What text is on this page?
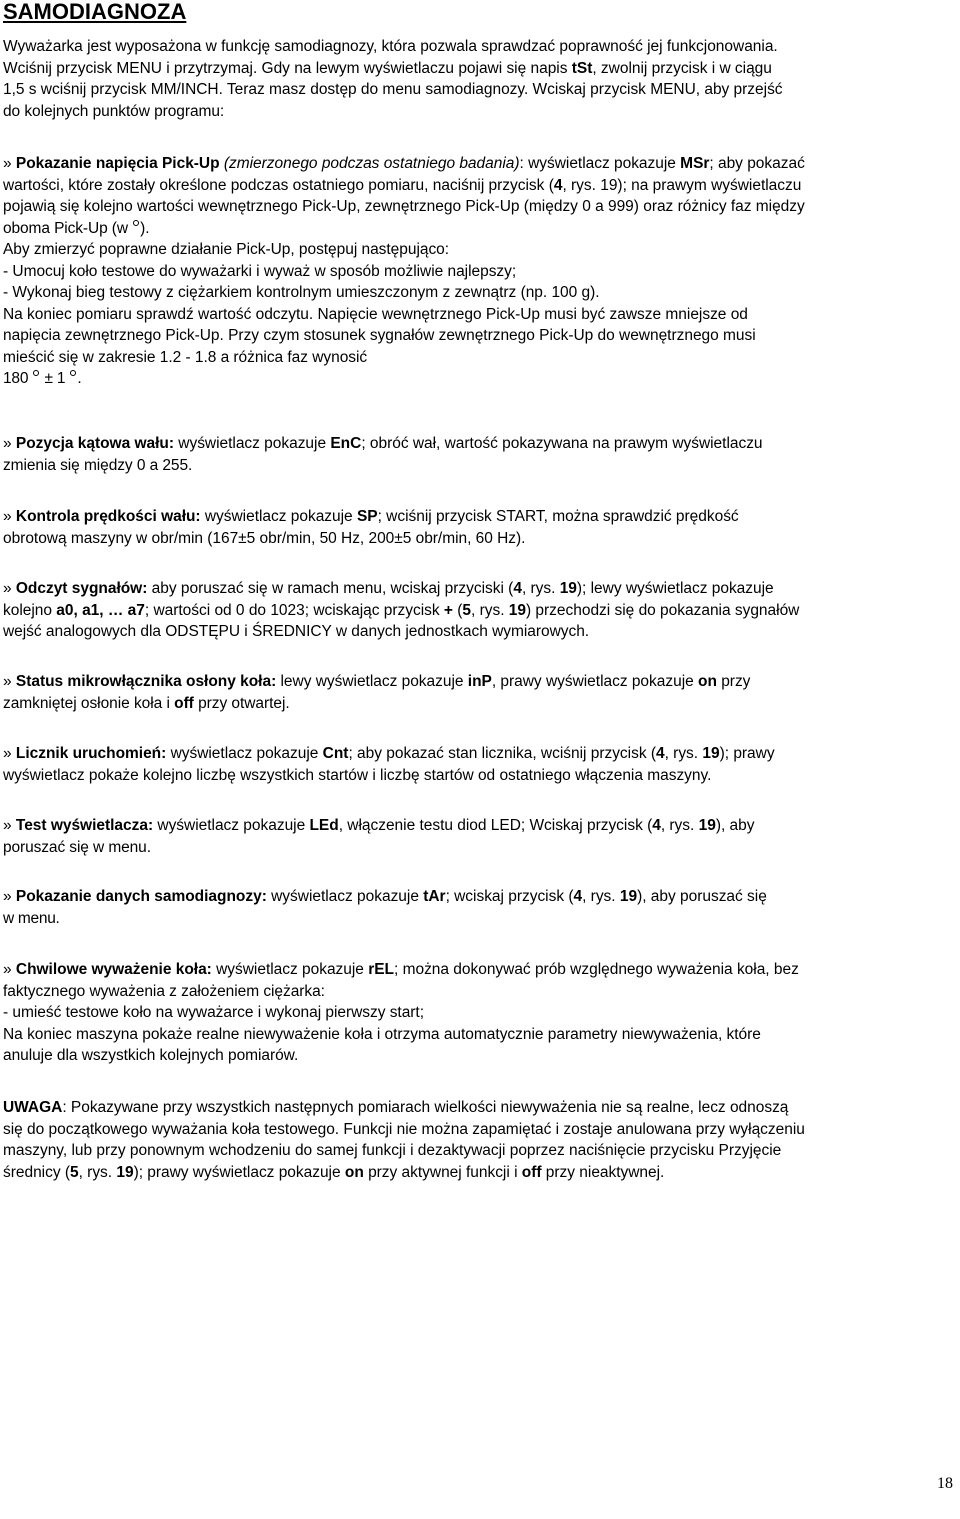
SAMODIAGNOZA
Wyważarka jest wyposażona w funkcję samodiagnozy, która pozwala sprawdzać poprawność jej funkcjonowania.
Wciśnij przycisk MENU i przytrzymaj. Gdy na lewym wyświetlaczu pojawi się napis tSt, zwolnij przycisk i w ciągu
1,5 s wciśnij przycisk MM/INCH. Teraz masz dostęp do menu samodiagnozy. Wciskaj przycisk MENU, aby przejść
do kolejnych punktów programu:
» Pokazanie napięcia Pick-Up (zmierzonego podczas ostatniego badania): wyświetlacz pokazuje MSr; aby pokazać
wartości, które zostały określone podczas ostatniego pomiaru, naciśnij przycisk (4, rys. 19); na prawym wyświetlaczu
pojawią się kolejno wartości wewnętrznego Pick-Up, zewnętrznego Pick-Up (między 0 a 999) oraz różnicy faz między
oboma Pick-Up (w ).
Aby zmierzyć poprawne działanie Pick-Up, postępuj następująco:
- Umocuj koło testowe do wyważarki i wyważ w sposób możliwie najlepszy;
- Wykonaj bieg testowy z ciężarkiem kontrolnym umieszczonym z zewnątrz (np. 100 g).
Na koniec pomiaru sprawdź wartość odczytu. Napięcie wewnętrznego Pick-Up musi być zawsze mniejsze od
napięcia zewnętrznego Pick-Up. Przy czym stosunek sygnałów zewnętrznego Pick-Up do wewnętrznego musi
mieścić się w zakresie 1.2 - 1.8 a różnica faz wynosić
180  ± 1 .
» Pozycja kątowa wału: wyświetlacz pokazuje EnC; obróć wał, wartość pokazywana na prawym wyświetlaczu
zmienia się między 0 a 255.
» Kontrola prędkości wału: wyświetlacz pokazuje SP; wciśnij przycisk START, można sprawdzić prędkość
obrotową maszyny w obr/min (167±5 obr/min, 50 Hz, 200±5 obr/min, 60 Hz).
» Odczyt sygnałów: aby poruszać się w ramach menu, wciskaj przyciski (4, rys. 19); lewy wyświetlacz pokazuje
kolejno a0, a1, … a7; wartości od 0 do 1023; wciskając przycisk + (5, rys. 19) przechodzi się do pokazania sygnałów
wejść analogowych dla ODSTĘPU i ŚREDNICY w danych jednostkach wymiarowych.
» Status mikrowłącznika osłony koła: lewy wyświetlacz pokazuje inP, prawy wyświetlacz pokazuje on przy
zamkniętej osłonie koła i off przy otwartej.
» Licznik uruchomień: wyświetlacz pokazuje Cnt; aby pokazać stan licznika, wciśnij przycisk (4, rys. 19); prawy
wyświetlacz pokaże kolejno liczbę wszystkich startów i liczbę startów od ostatniego włączenia maszyny.
» Test wyświetlacza: wyświetlacz pokazuje LEd, włączenie testu diod LED; Wciskaj przycisk (4, rys. 19), aby
poruszać się w menu.
» Pokazanie danych samodiagnozy: wyświetlacz pokazuje tAr; wciskaj przycisk (4, rys. 19), aby poruszać się
w menu.
» Chwilowe wyważenie koła: wyświetlacz pokazuje rEL; można dokonywać prób względnego wyważenia koła, bez
faktycznego wyważenia z założeniem ciężarka:
- umieść testowe koło na wyważarce i wykonaj pierwszy start;
Na koniec maszyna pokaże realne niewyważenie koła i otrzyma automatycznie parametry niewyważenia, które
anuluje dla wszystkich kolejnych pomiarów.
UWAGA: Pokazywane przy wszystkich następnych pomiarach wielkości niewyważenia nie są realne, lecz odnoszą
się do początkowego wyważania koła testowego. Funkcji nie można zapamiętać i zostaje anulowana przy wyłączeniu
maszyny, lub przy ponownym wchodzeniu do samej funkcji i dezaktywacji poprzez naciśnięcie przycisku Przyjęcie
średnicy (5, rys. 19); prawy wyświetlacz pokazuje on przy aktywnej funkcji i off przy nieaktywnej.
18
